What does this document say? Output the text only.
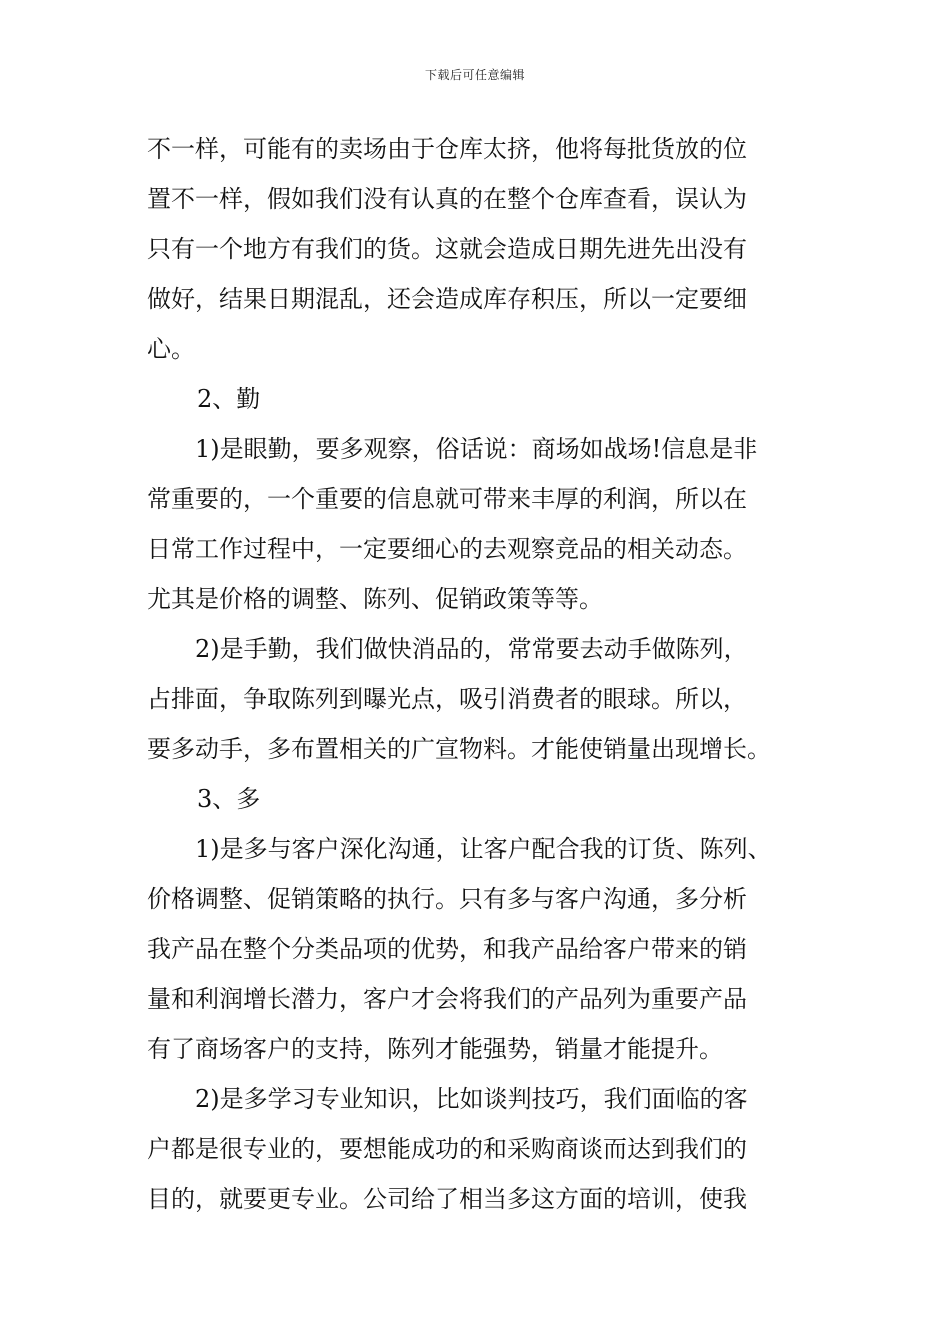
下载后可任意编辑
不一样，可能有的卖场由于仓库太挤，他将每批货放的位
置不一样，假如我们没有认真的在整个仓库查看，误认为
只有一个地方有我们的货。这就会造成日期先进先出没有
做好，结果日期混乱，还会造成库存积压，所以一定要细
心。
2、勤
1)是眼勤，要多观察，俗话说：商场如战场!信息是非
常重要的，一个重要的信息就可带来丰厚的利润，所以在
日常工作过程中，一定要细心的去观察竞品的相关动态。
尤其是价格的调整、陈列、促销政策等等。
2)是手勤，我们做快消品的，常常要去动手做陈列，
占排面，争取陈列到曝光点，吸引消费者的眼球。所以，
要多动手，多布置相关的广宣物料。才能使销量出现增长。
3、多
1)是多与客户深化沟通，让客户配合我的订货、陈列、
价格调整、促销策略的执行。只有多与客户沟通，多分析
我产品在整个分类品项的优势，和我产品给客户带来的销
量和利润增长潜力，客户才会将我们的产品列为重要产品
有了商场客户的支持，陈列才能强势，销量才能提升。
2)是多学习专业知识，比如谈判技巧，我们面临的客
户都是很专业的，要想能成功的和采购商谈而达到我们的
目的，就要更专业。公司给了相当多这方面的培训，使我
